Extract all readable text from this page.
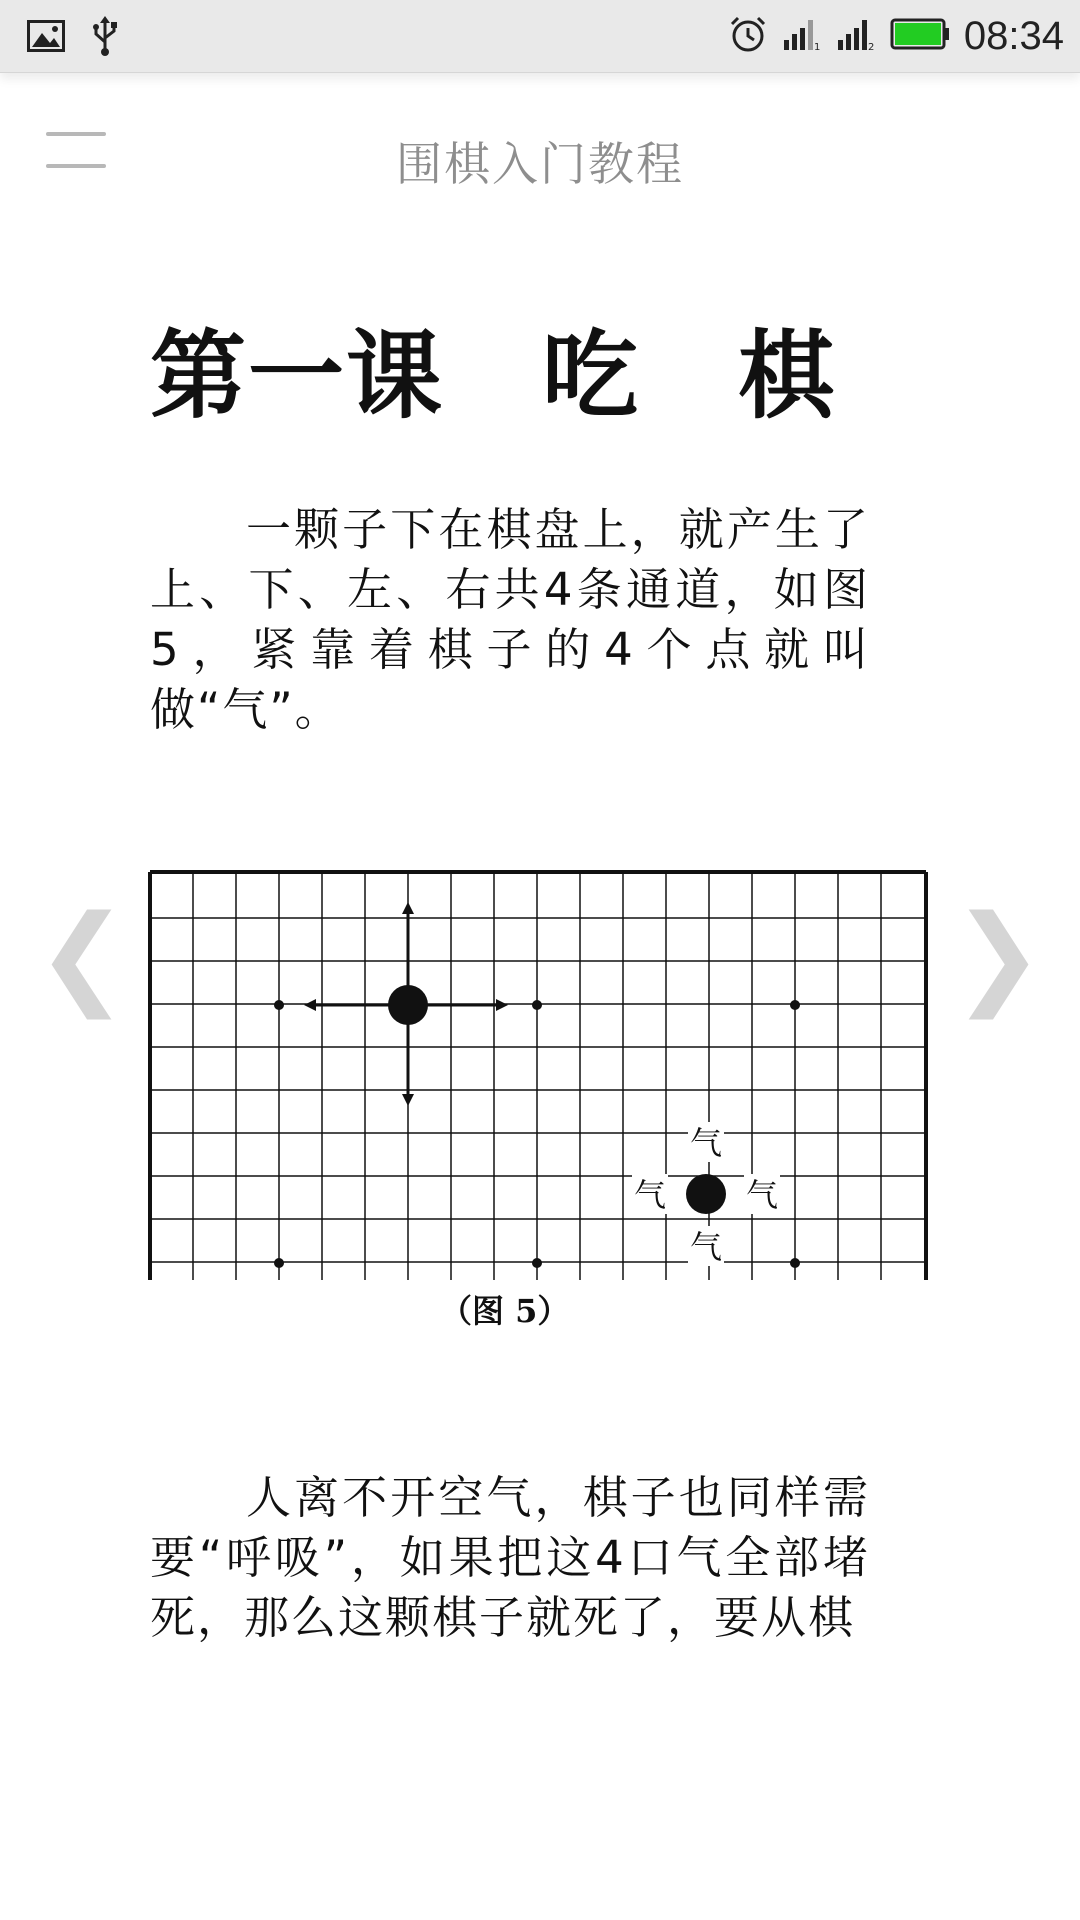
1	2 08:34
围棋入门教程
第一课　吃　棋
一颗子下在棋盘上，就产生了上、下、左、右共4条通道，如图5，紧靠着棋子的4个点就叫做“气”。
❮	❯
气
气
气 气
（图 5）
人离不开空气，棋子也同样需要“呼吸”，如果把这4口气全部堵死，那么这颗棋子就死了，要从棋
